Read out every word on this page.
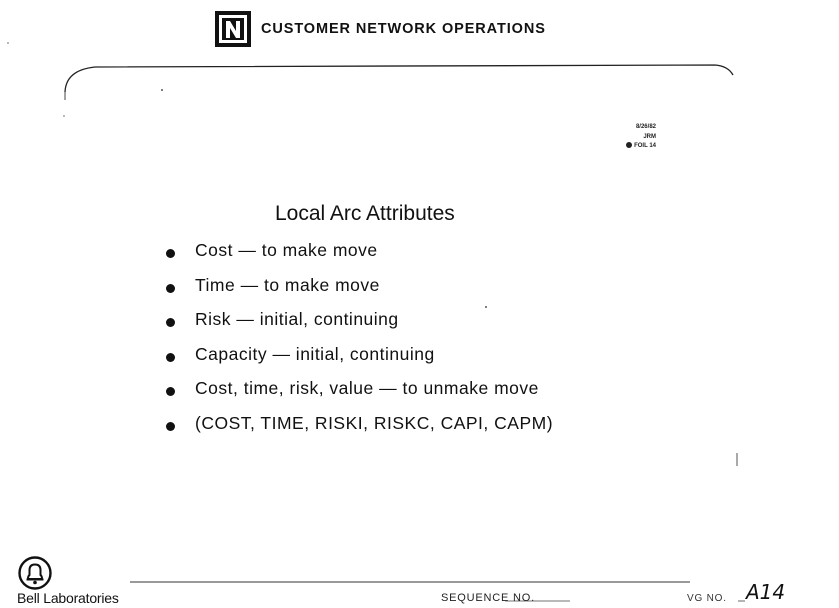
CUSTOMER NETWORK OPERATIONS
8/26/82
JRM
FOIL 14
Local Arc Attributes
Cost — to make move
Time — to make move
Risk — initial, continuing
Capacity — initial, continuing
Cost, time, risk, value — to unmake move
(COST, TIME, RISKI, RISKC, CAPI, CAPM)
Bell Laboratories	SEQUENCE NO.	VG NO. A14
